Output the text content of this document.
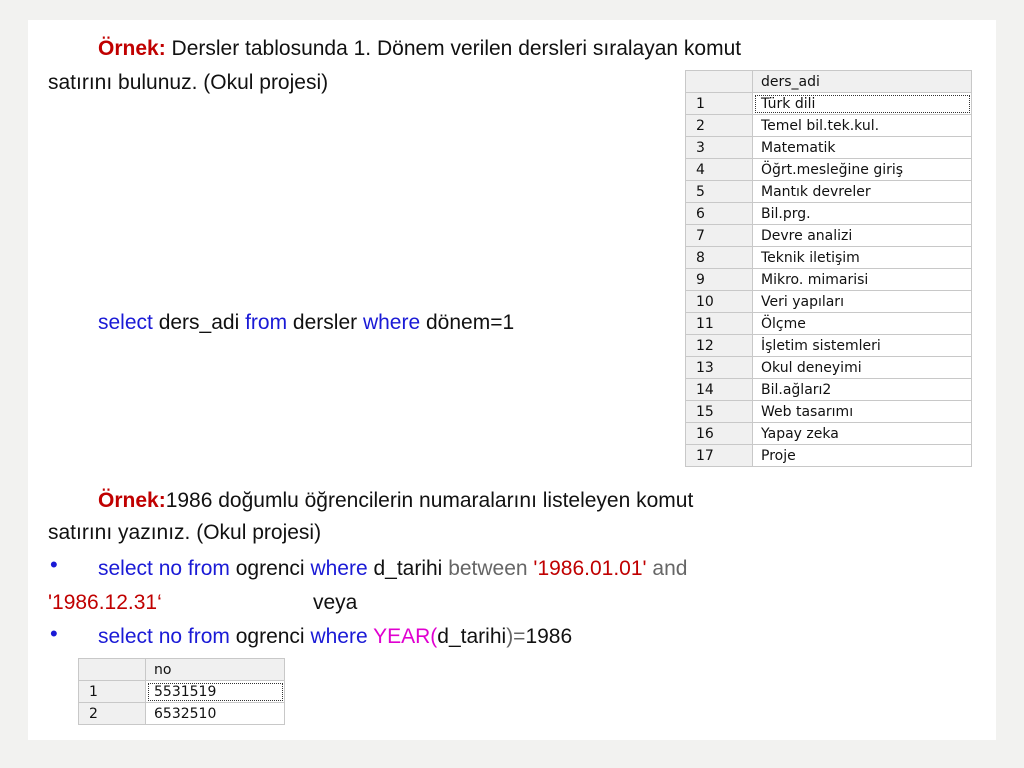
Örnek: Dersler tablosunda 1. Dönem verilen dersleri sıralayan komut
satırını bulunuz. (Okul projesi)
select ders_adi from dersler where dönem=1
	ders_adi
1	Türk dili
2	Temel bil.tek.kul.
3	Matematik
4	Öğrt.mesleğine giriş
5	Mantık devreler
6	Bil.prg.
7	Devre analizi
8	Teknik iletişim
9	Mikro. mimarisi
10	Veri yapıları
11	Ölçme
12	İşletim sistemleri
13	Okul deneyimi
14	Bil.ağları2
15	Web tasarımı
16	Yapay zeka
17	Proje
Örnek:1986 doğumlu öğrencilerin numaralarını listeleyen komut
satırını yazınız. (Okul projesi)
• select no from ogrenci where d_tarihi between '1986.01.01' and
'1986.12.31‘	veya
• select no from ogrenci where YEAR(d_tarihi)=1986
	no
1	5531519
2	6532510
